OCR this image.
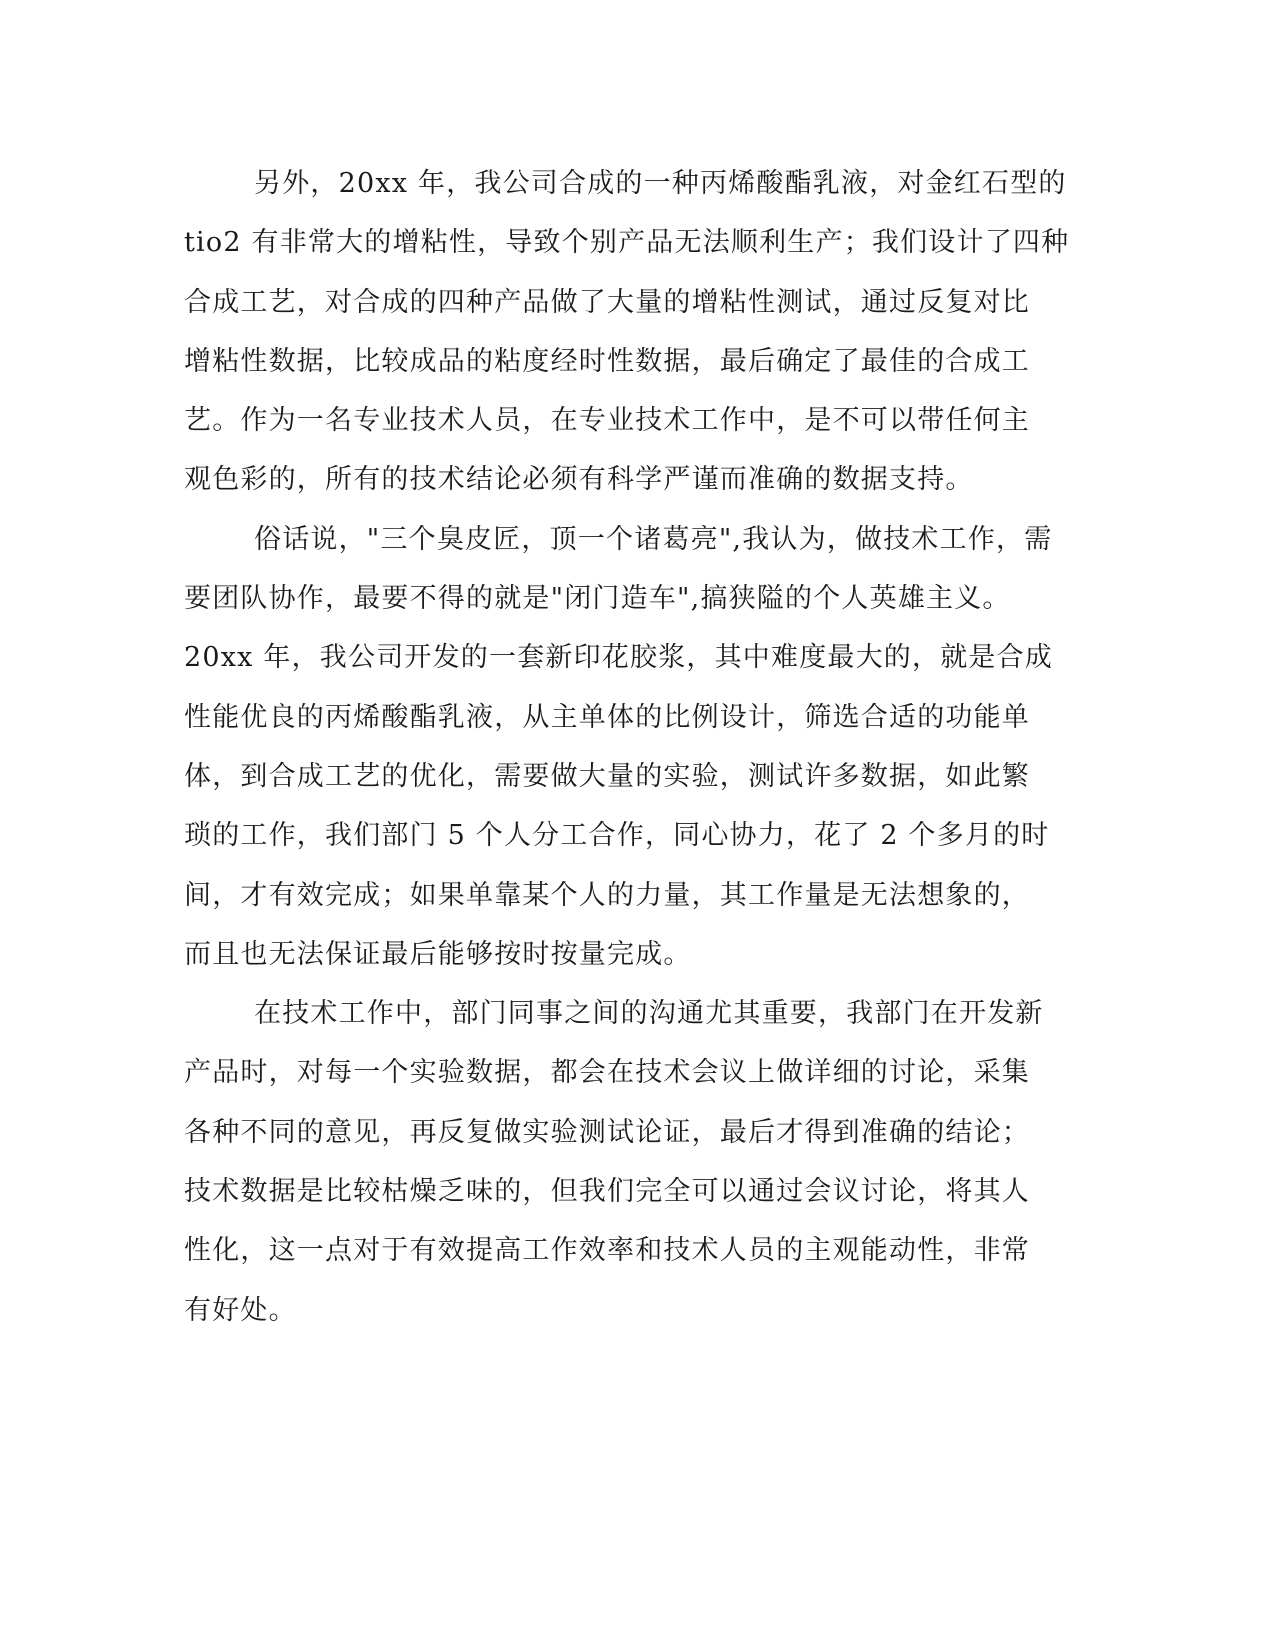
另外，20xx 年，我公司合成的一种丙烯酸酯乳液，对金红石型的
tio2 有非常大的增粘性，导致个别产品无法顺利生产；我们设计了四种
合成工艺，对合成的四种产品做了大量的增粘性测试，通过反复对比
增粘性数据，比较成品的粘度经时性数据，最后确定了最佳的合成工
艺。作为一名专业技术人员，在专业技术工作中，是不可以带任何主
观色彩的，所有的技术结论必须有科学严谨而准确的数据支持。
俗话说，"三个臭皮匠，顶一个诸葛亮",我认为，做技术工作，需
要团队协作，最要不得的就是"闭门造车",搞狭隘的个人英雄主义。
20xx 年，我公司开发的一套新印花胶浆，其中难度最大的，就是合成
性能优良的丙烯酸酯乳液，从主单体的比例设计，筛选合适的功能单
体，到合成工艺的优化，需要做大量的实验，测试许多数据，如此繁
琐的工作，我们部门 5 个人分工合作，同心协力，花了 2 个多月的时
间，才有效完成；如果单靠某个人的力量，其工作量是无法想象的，
而且也无法保证最后能够按时按量完成。
在技术工作中，部门同事之间的沟通尤其重要，我部门在开发新
产品时，对每一个实验数据，都会在技术会议上做详细的讨论，采集
各种不同的意见，再反复做实验测试论证，最后才得到准确的结论；
技术数据是比较枯燥乏味的，但我们完全可以通过会议讨论，将其人
性化，这一点对于有效提高工作效率和技术人员的主观能动性，非常
有好处。
